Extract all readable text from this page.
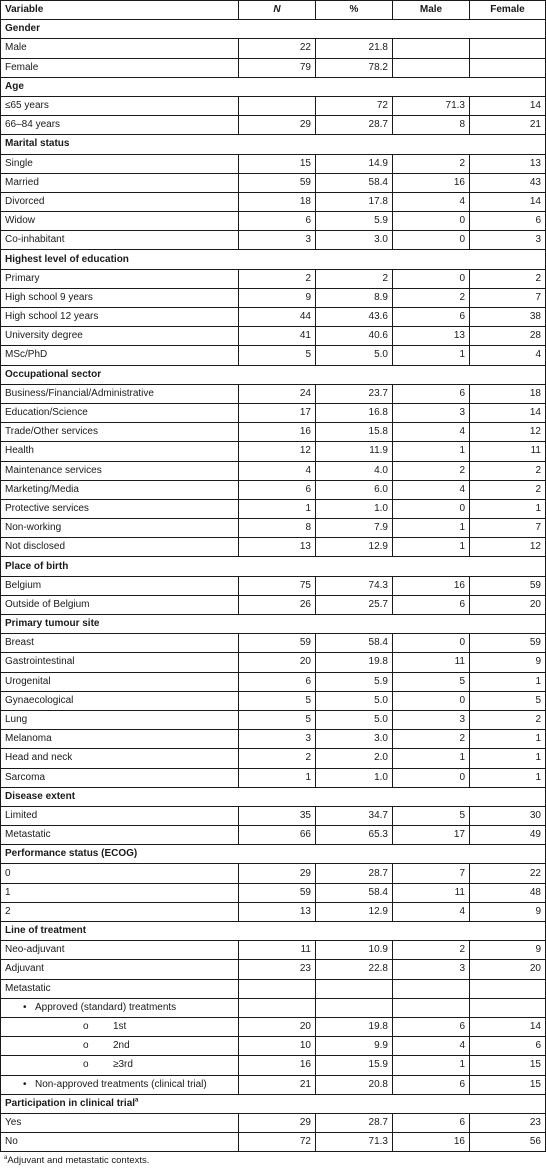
Variable	N	%	Male	Female
Gender				
Male	22	21.8		
Female	79	78.2		
Age				
≤65 years		72	71.3	14
66–84 years	29	28.7	8	21
Marital status				
Single	15	14.9	2	13
Married	59	58.4	16	43
Divorced	18	17.8	4	14
Widow	6	5.9	0	6
Co-inhabitant	3	3.0	0	3
Highest level of education				
Primary	2	2	0	2
High school 9 years	9	8.9	2	7
High school 12 years	44	43.6	6	38
University degree	41	40.6	13	28
MSc/PhD	5	5.0	1	4
Occupational sector				
Business/Financial/Administrative	24	23.7	6	18
Education/Science	17	16.8	3	14
Trade/Other services	16	15.8	4	12
Health	12	11.9	1	11
Maintenance services	4	4.0	2	2
Marketing/Media	6	6.0	4	2
Protective services	1	1.0	0	1
Non-working	8	7.9	1	7
Not disclosed	13	12.9	1	12
Place of birth				
Belgium	75	74.3	16	59
Outside of Belgium	26	25.7	6	20
Primary tumour site				
Breast	59	58.4	0	59
Gastrointestinal	20	19.8	11	9
Urogenital	6	5.9	5	1
Gynaecological	5	5.0	0	5
Lung	5	5.0	3	2
Melanoma	3	3.0	2	1
Head and neck	2	2.0	1	1
Sarcoma	1	1.0	0	1
Disease extent				
Limited	35	34.7	5	30
Metastatic	66	65.3	17	49
Performance status (ECOG)				
0	29	28.7	7	22
1	59	58.4	11	48
2	13	12.9	4	9
Line of treatment				
Neo-adjuvant	11	10.9	2	9
Adjuvant	23	22.8	3	20
Metastatic				
• Approved (standard) treatments				
o 1st	20	19.8	6	14
o 2nd	10	9.9	4	6
o ≥3rd	16	15.9	1	15
• Non-approved treatments (clinical trial)	21	20.8	6	15
Participation in clinical trial$^a$
Yes	29	28.7	6	23
No	72	71.3	16	56
$^a$Adjuvant and metastatic contexts.
